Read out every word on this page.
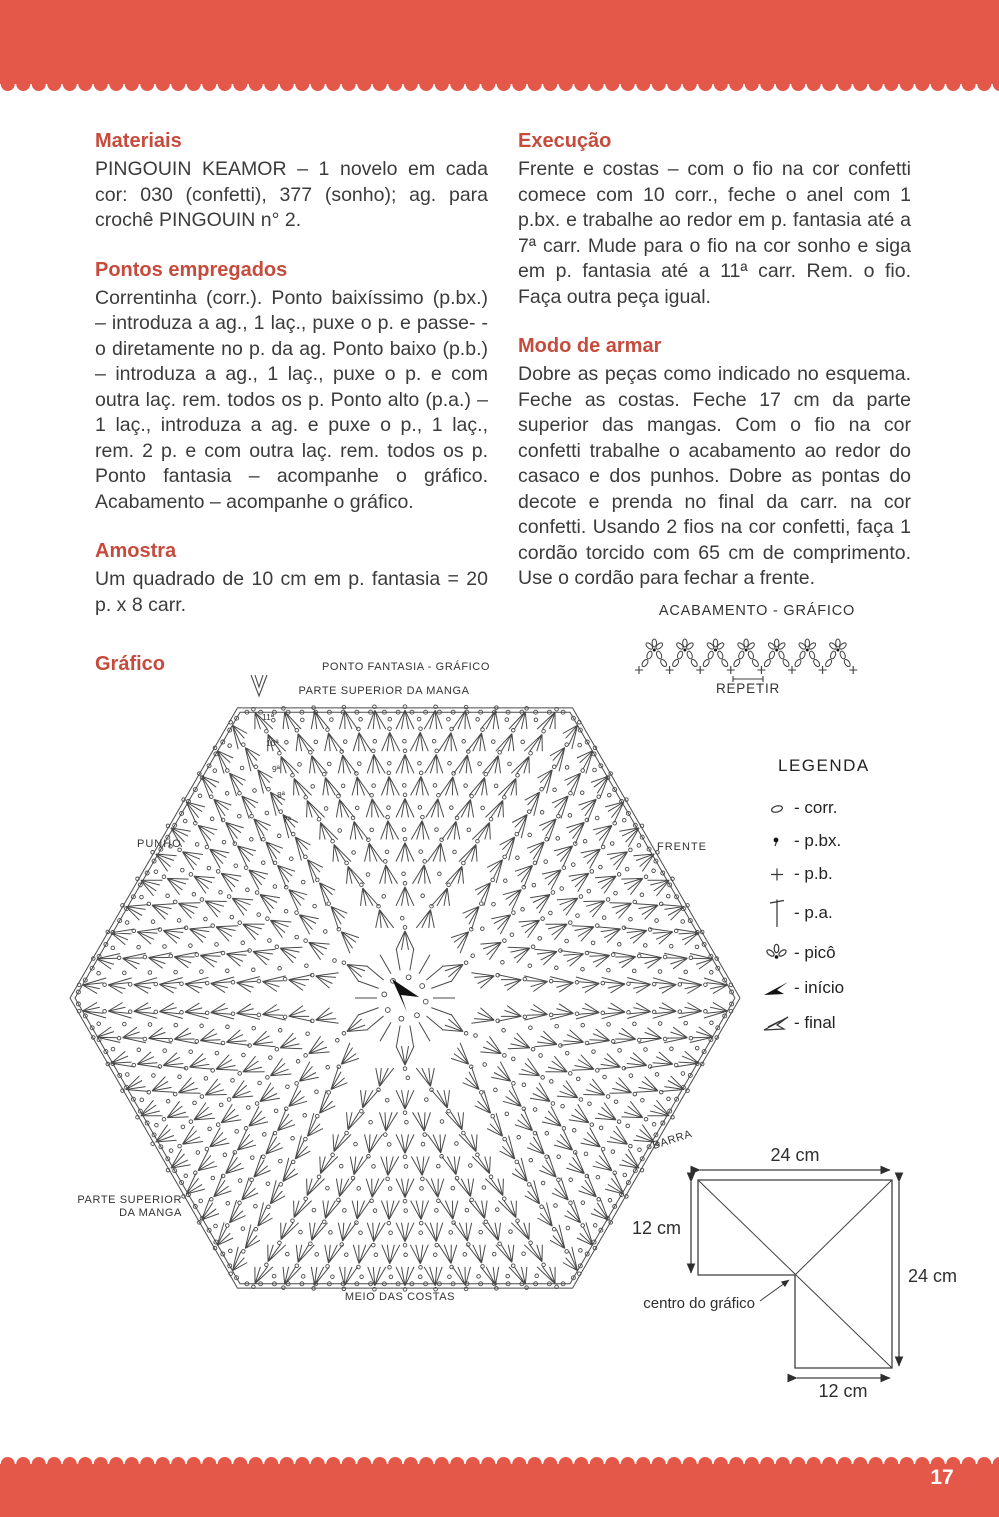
Materiais

PINGOUIN KEAMOR – 1 novelo em cada cor: 030 (confetti), 377 (sonho); ag. para crochê PINGOUIN n° 2.

Pontos empregados

Correntinha (corr.). Ponto baixíssimo (p.bx.) – introduza a ag., 1 laç., puxe o p. e passe- -o diretamente no p. da ag. Ponto baixo (p.b.) – introduza a ag., 1 laç., puxe o p. e com outra laç. rem. todos os p. Ponto alto (p.a.) – 1 laç., introduza a ag. e puxe o p., 1 laç., rem. 2 p. e com outra laç. rem. todos os p. Ponto fantasia – acompanhe o gráfico. Acabamento – acompanhe o gráfico.

Amostra

Um quadrado de 10 cm em p. fantasia = 20 p. x 8 carr.

Execução

Frente e costas – com o fio na cor confetti comece com 10 corr., feche o anel com 1 p.bx. e trabalhe ao redor em p. fantasia até a 7ª carr. Mude para o fio na cor sonho e siga em p. fantasia até a 11ª carr. Rem. o fio. Faça outra peça igual.

Modo de armar

Dobre as peças como indicado no esquema. Feche as costas. Feche 17 cm da parte superior das mangas. Com o fio na cor confetti trabalhe o acabamento ao redor do casaco e dos punhos. Dobre as pontas do decote e prenda no final da carr. na cor confetti. Usando 2 fios na cor confetti, faça 1 cordão torcido com 65 cm de comprimento. Use o cordão para fechar a frente.

Gráfico	PONTO FANTASIA - GRÁFICO
PARTE SUPERIOR DA MANGA
PUNHO	FRENTE
PARTE SUPERIOR DA MANGA
MEIO DAS COSTAS
BARRA
11ª
10ª
9ª
8ª
7ª
ACABAMENTO - GRÁFICO
REPETIR
LEGENDA
- corr.
- p.bx.
- p.b.
- p.a.
- picô
- início
- final
24 cm
12 cm
24 cm
12 cm
centro do gráfico
17
